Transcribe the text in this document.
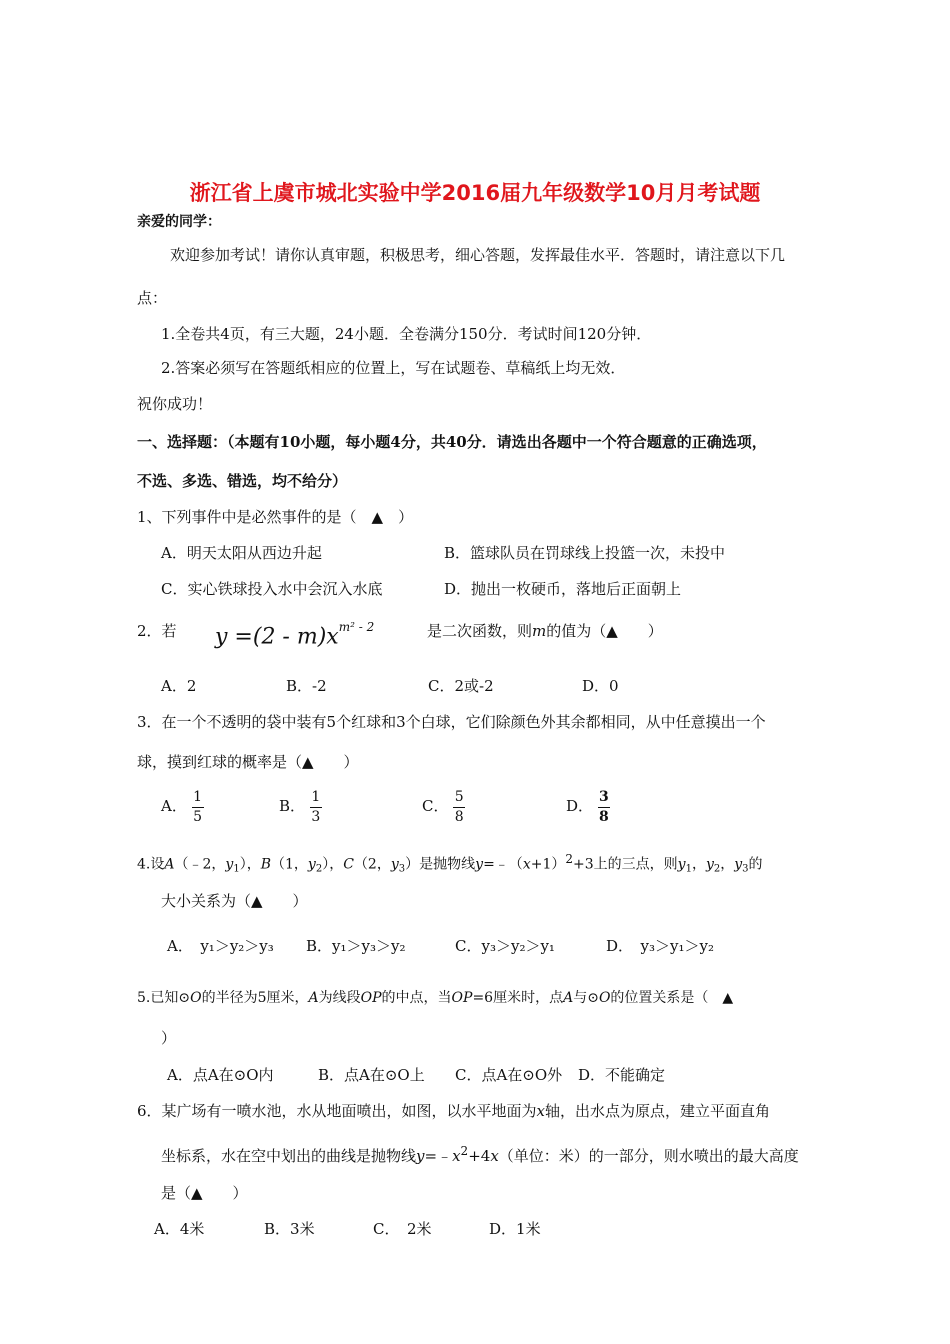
浙江省上虞市城北实验中学2016届九年级数学10月月考试题
亲爱的同学：
欢迎参加考试！请你认真审题，积极思考，细心答题，发挥最佳水平．答题时，请注意以下几
点：
1.全卷共4页，有三大题，24小题．全卷满分150分．考试时间120分钟．
2.答案必须写在答题纸相应的位置上，写在试题卷、草稿纸上均无效．
祝你成功！
一、选择题：（本题有10小题，每小题4分，共40分．请选出各题中一个符合题意的正确选项，
不选、多选、错选，均不给分）
1、下列事件中是必然事件的是（　▲　）
A．明天太阳从西边升起	B．篮球队员在罚球线上投篮一次，未投中
C．实心铁球投入水中会沉入水底	D．抛出一枚硬币，落地后正面朝上
2．若 $y =(2 - m)x^{m^2 - 2}$	是二次函数，则m的值为（▲　　）
A．2	B．-2	C．2或-2	D．0
3．在一个不透明的袋中装有5个红球和3个白球，它们除颜色外其余都相同，从中任意摸出一个
球，摸到红球的概率是（▲　　）
A． $\frac{1}{5}$	B． $\frac{1}{3}$	C． $\frac{5}{8}$	D． $\frac{3}{8}$
4.设A（﹣2，$y_1$），B（1，$y_2$），C（2，$y_3$）是抛物线$y=﹣(x+1)^2+3$上的三点，则$y_1$，$y_2$，$y_3$的
大小关系为（▲　　）
A．　y₁＞y₂＞y₃ B．y₁＞y₃＞y₂	C．y₃＞y₂＞y₁	D．　y₃＞y₁＞y₂
5.已知⊙O的半径为5厘米，A为线段OP的中点，当OP=6厘米时，点A与⊙O的位置关系是（　▲
）
A．点A在⊙O内	B．点A在⊙O上 C．点A在⊙O外 D．不能确定
6．某广场有一喷水池，水从地面喷出，如图，以水平地面为x轴，出水点为原点，建立平面直角
坐标系，水在空中划出的曲线是抛物线$y=﹣x^2+4x$（单位：米）的一部分，则水喷出的最大高度
是（▲　　）
A．4米	B．3米	C．　2米	D．1米
